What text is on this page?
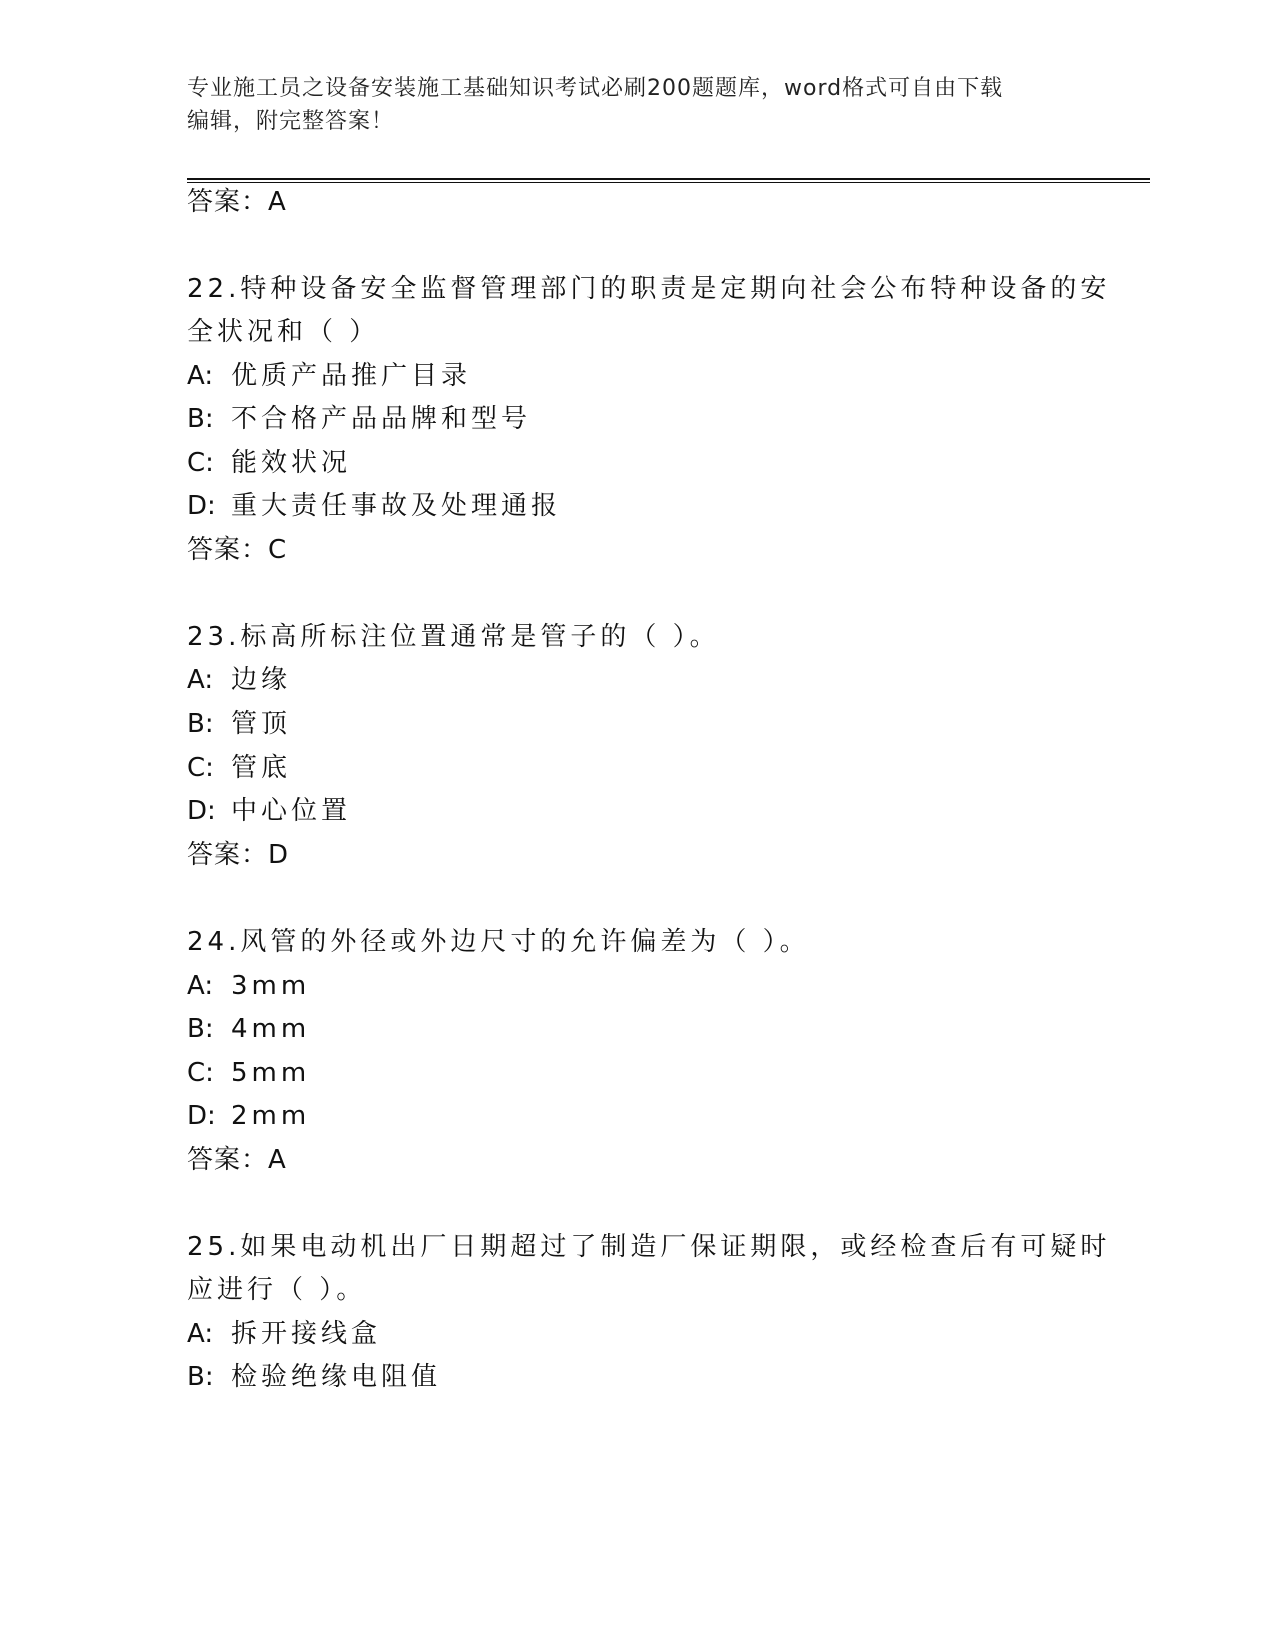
专业施工员之设备安装施工基础知识考试必刷200题题库，word格式可自由下载
编辑，附完整答案！
答案：A
22.特种设备安全监督管理部门的职责是定期向社会公布特种设备的安
全状况和（ ）
A: 优质产品推广目录
B: 不合格产品品牌和型号
C: 能效状况
D: 重大责任事故及处理通报
答案：C
23.标高所标注位置通常是管子的（ ）。
A: 边缘
B: 管顶
C: 管底
D: 中心位置
答案：D
24.风管的外径或外边尺寸的允许偏差为（ ）。
A: 3mm
B: 4mm
C: 5mm
D: 2mm
答案：A
25.如果电动机出厂日期超过了制造厂保证期限，或经检查后有可疑时
应进行（ ）。
A: 拆开接线盒
B: 检验绝缘电阻值
